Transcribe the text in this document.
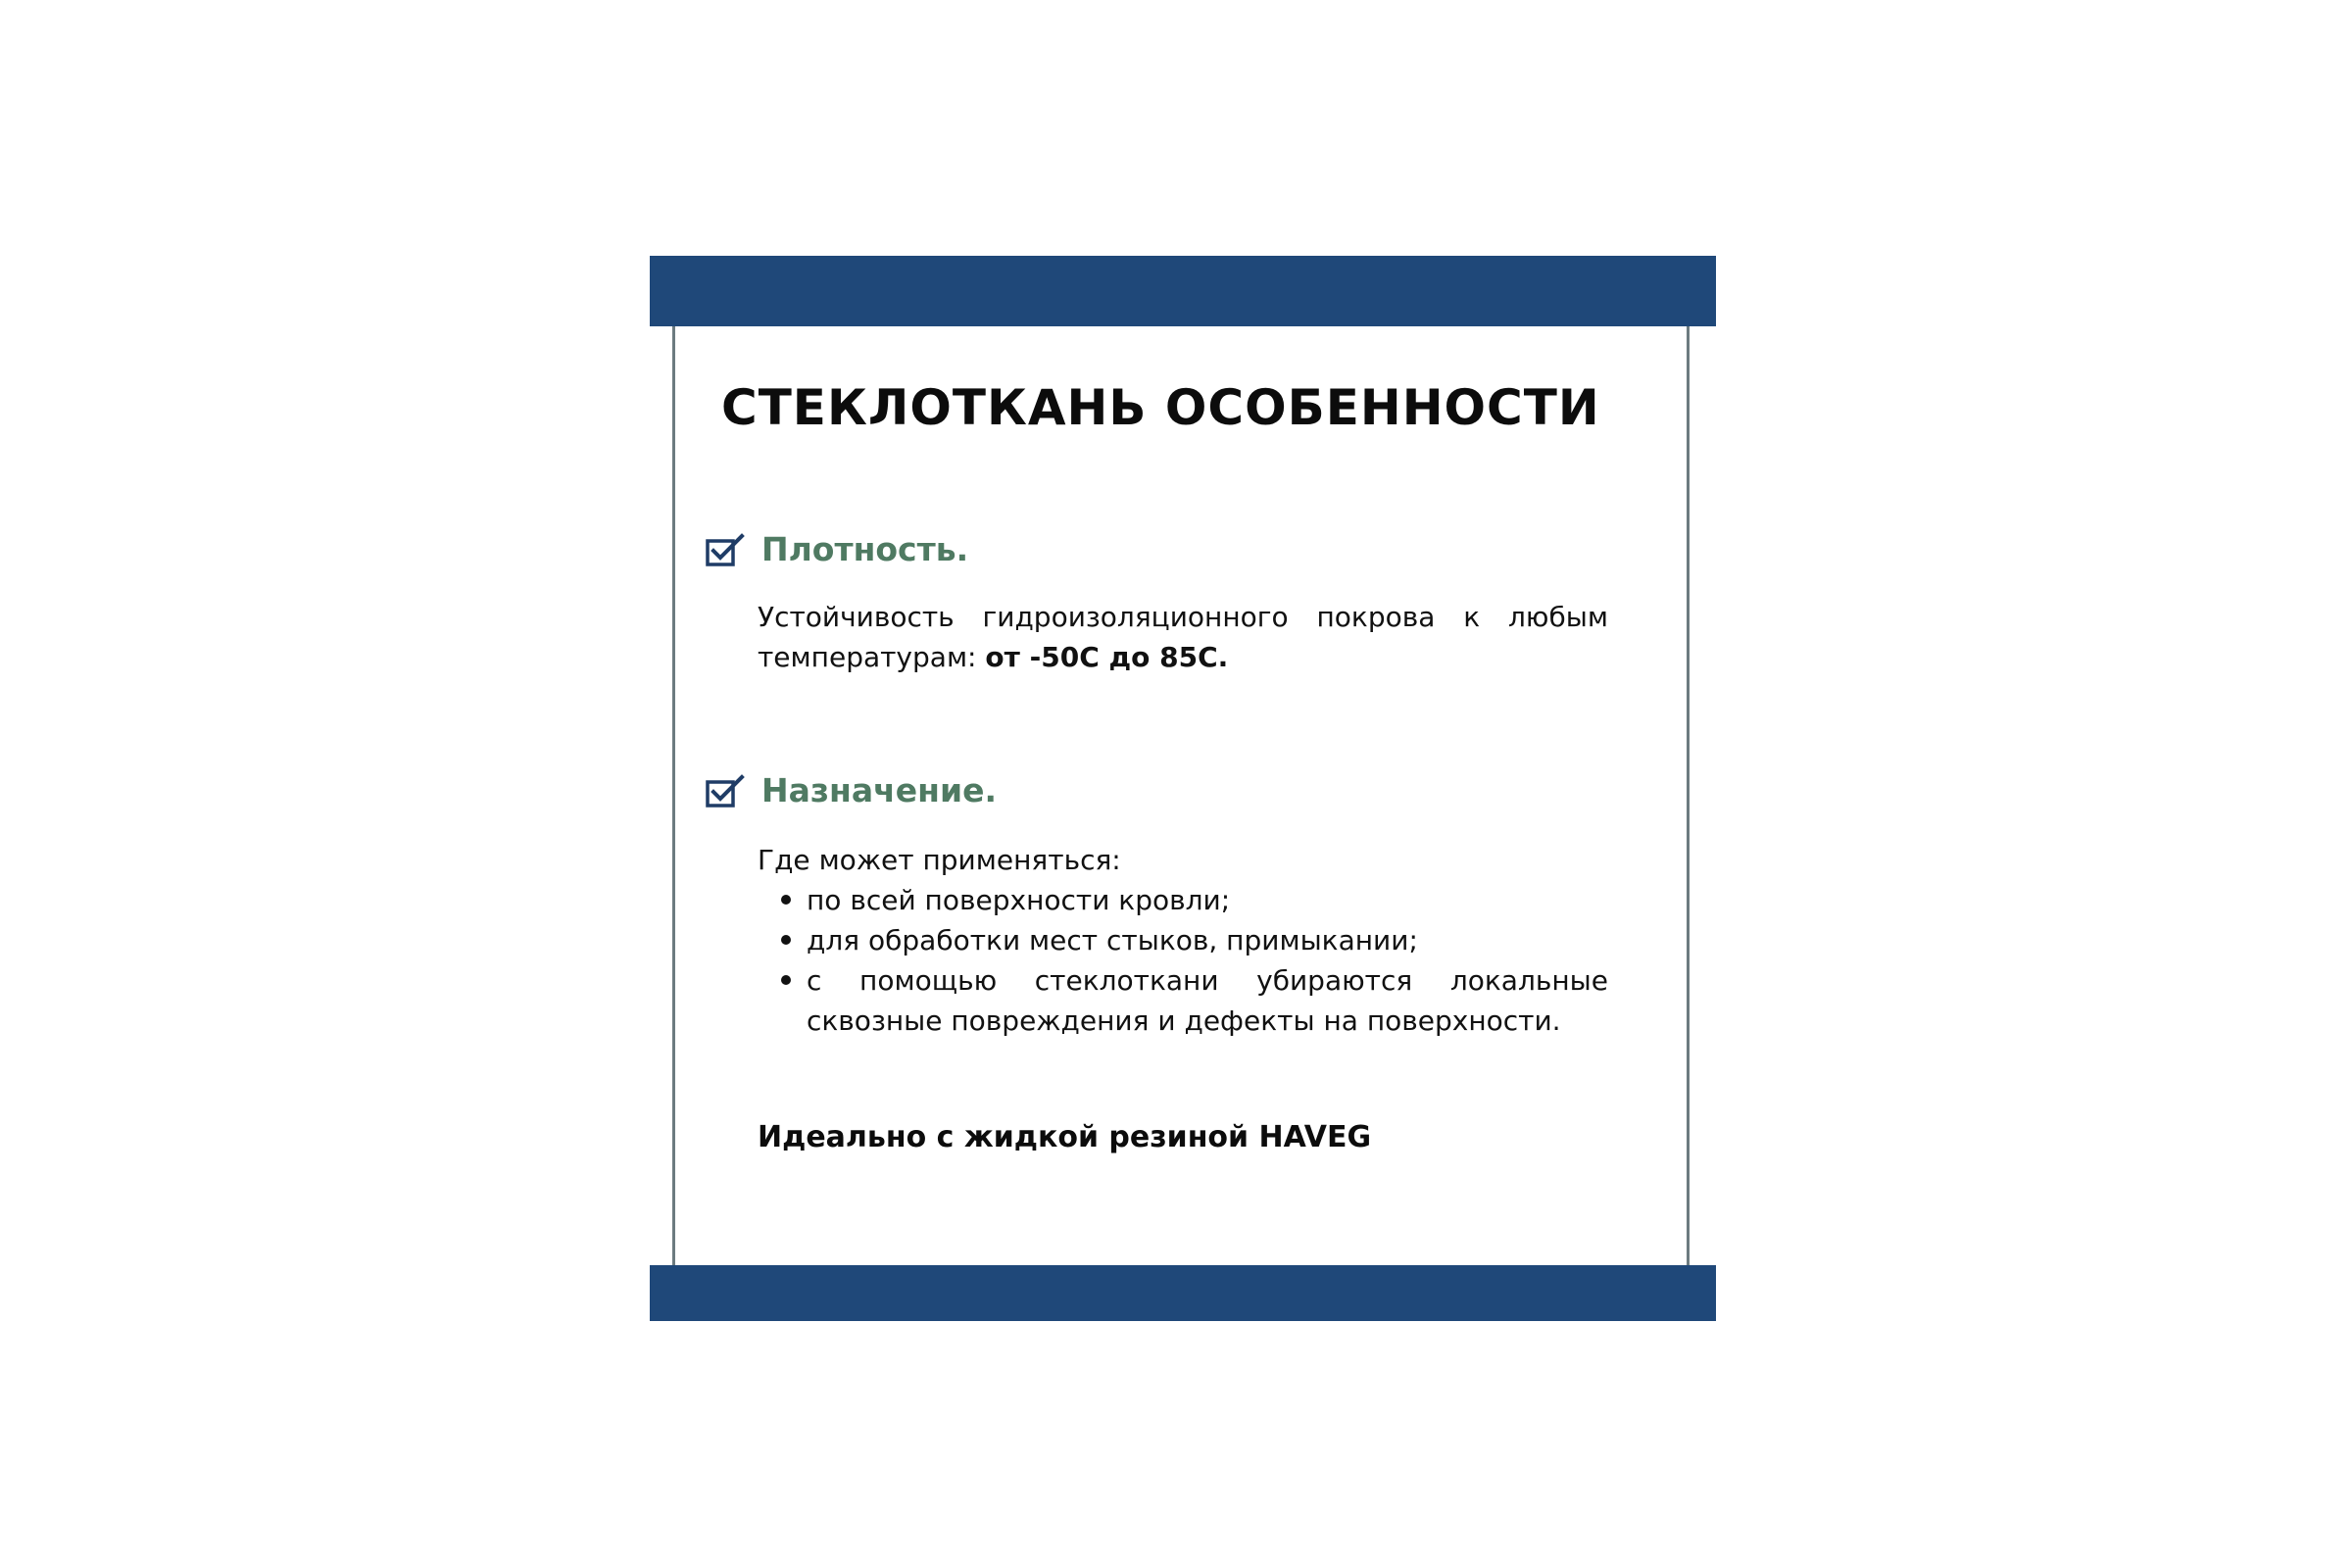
СТЕКЛОТКАНЬ ОСОБЕННОСТИ
Плотность.

Устойчивость гидроизоляционного покрова к любым температурам: от -50С до 85С.

Назначение.
Где может применяться:
по всей поверхности кровли;
для обработки мест стыков, примыкании;
с помощью стеклоткани убираются локальные сквозные повреждения и дефекты на поверхности.

Идеально с жидкой резиной HAVEG
